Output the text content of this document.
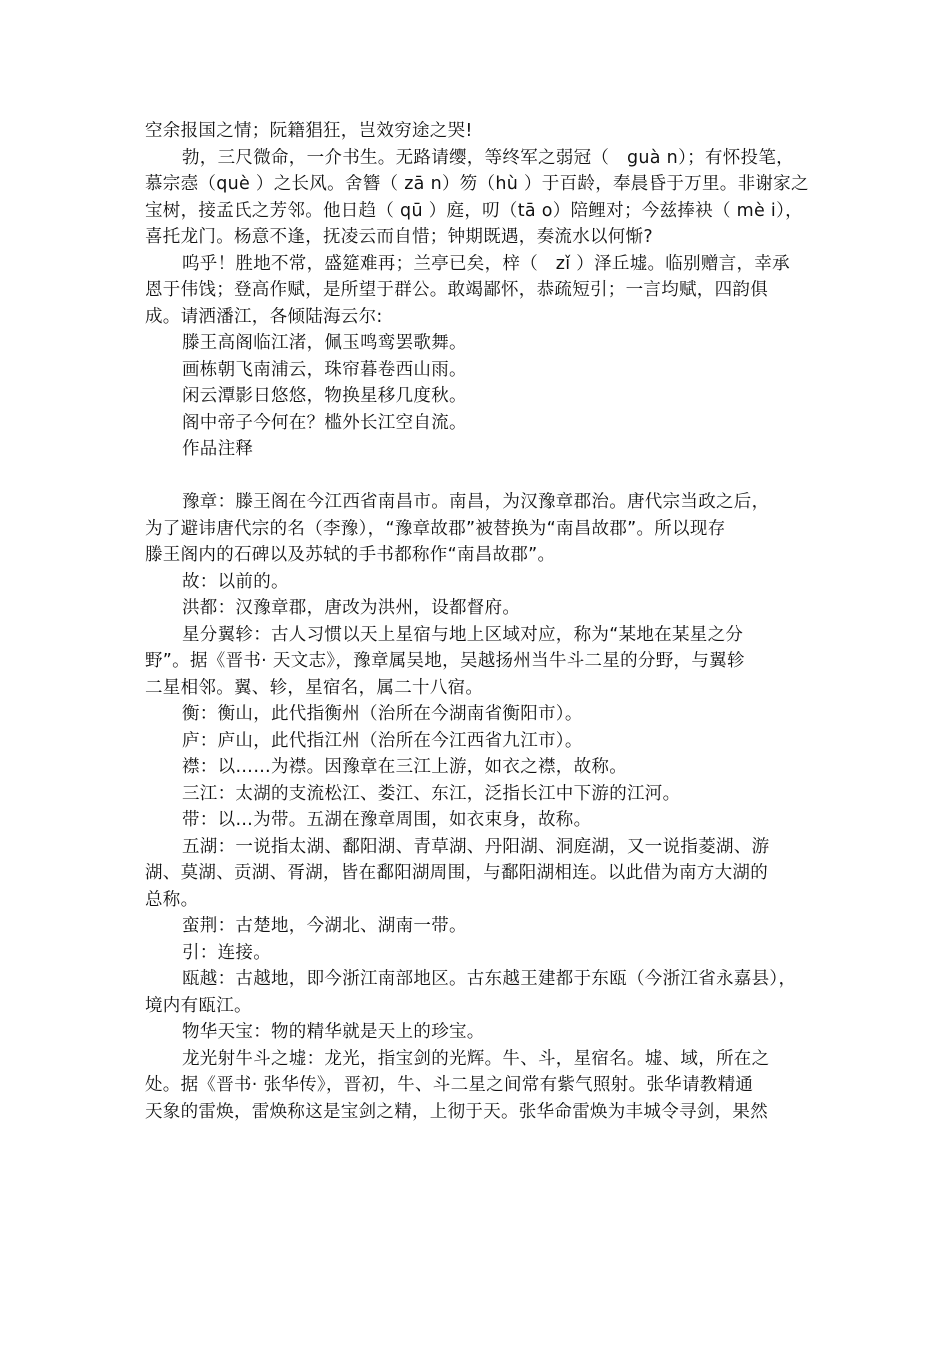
空余报国之情；阮籍猖狂，岂效穷途之哭!

勃，三尺微命，一介书生。无路请缨，等终军之弱冠（　guà n）；有怀投笔，

慕宗悫（què ）之长风。舍簪（ zā n）笏（hù ）于百龄，奉晨昏于万里。非谢家之

宝树，接孟氏之芳邻。他日趋（ qū ）庭，叨（tā o）陪鲤对；今兹捧袂（ mè i），

喜托龙门。杨意不逢，抚凌云而自惜；钟期既遇，奏流水以何惭?

呜乎！胜地不常，盛筵难再；兰亭已矣，梓（　zǐ ）泽丘墟。临别赠言，幸承

恩于伟饯；登高作赋，是所望于群公。敢竭鄙怀，恭疏短引；一言均赋，四韵俱

成。请洒潘江，各倾陆海云尔:

滕王高阁临江渚，佩玉鸣鸾罢歌舞。

画栋朝飞南浦云，珠帘暮卷西山雨。

闲云潭影日悠悠，物换星移几度秋。

阁中帝子今何在？槛外长江空自流。

作品注释

豫章：滕王阁在今江西省南昌市。南昌，为汉豫章郡治。唐代宗当政之后，

为了避讳唐代宗的名（李豫），“豫章故郡”被替换为“南昌故郡”。所以现存

滕王阁内的石碑以及苏轼的手书都称作“南昌故郡”。

故：以前的。

洪都：汉豫章郡，唐改为洪州，设都督府。

星分翼轸：古人习惯以天上星宿与地上区域对应，称为“某地在某星之分

野”。据《晋书· 天文志》，豫章属吴地，吴越扬州当牛斗二星的分野，与翼轸

二星相邻。翼、轸，星宿名，属二十八宿。

衡：衡山，此代指衡州（治所在今湖南省衡阳市）。

庐：庐山，此代指江州（治所在今江西省九江市）。

襟：以……为襟。因豫章在三江上游，如衣之襟，故称。

三江：太湖的支流松江、娄江、东江，泛指长江中下游的江河。

带：以…为带。五湖在豫章周围，如衣束身，故称。

五湖：一说指太湖、鄱阳湖、青草湖、丹阳湖、洞庭湖，又一说指菱湖、游

湖、莫湖、贡湖、胥湖，皆在鄱阳湖周围，与鄱阳湖相连。以此借为南方大湖的

总称。

蛮荆：古楚地，今湖北、湖南一带。

引：连接。

瓯越：古越地，即今浙江南部地区。古东越王建都于东瓯（今浙江省永嘉县），

境内有瓯江。

物华天宝：物的精华就是天上的珍宝。

龙光射牛斗之墟：龙光，指宝剑的光辉。牛、斗，星宿名。墟、域，所在之

处。据《晋书· 张华传》，晋初，牛、斗二星之间常有紫气照射。张华请教精通

天象的雷焕，雷焕称这是宝剑之精，上彻于天。张华命雷焕为丰城令寻剑，果然
